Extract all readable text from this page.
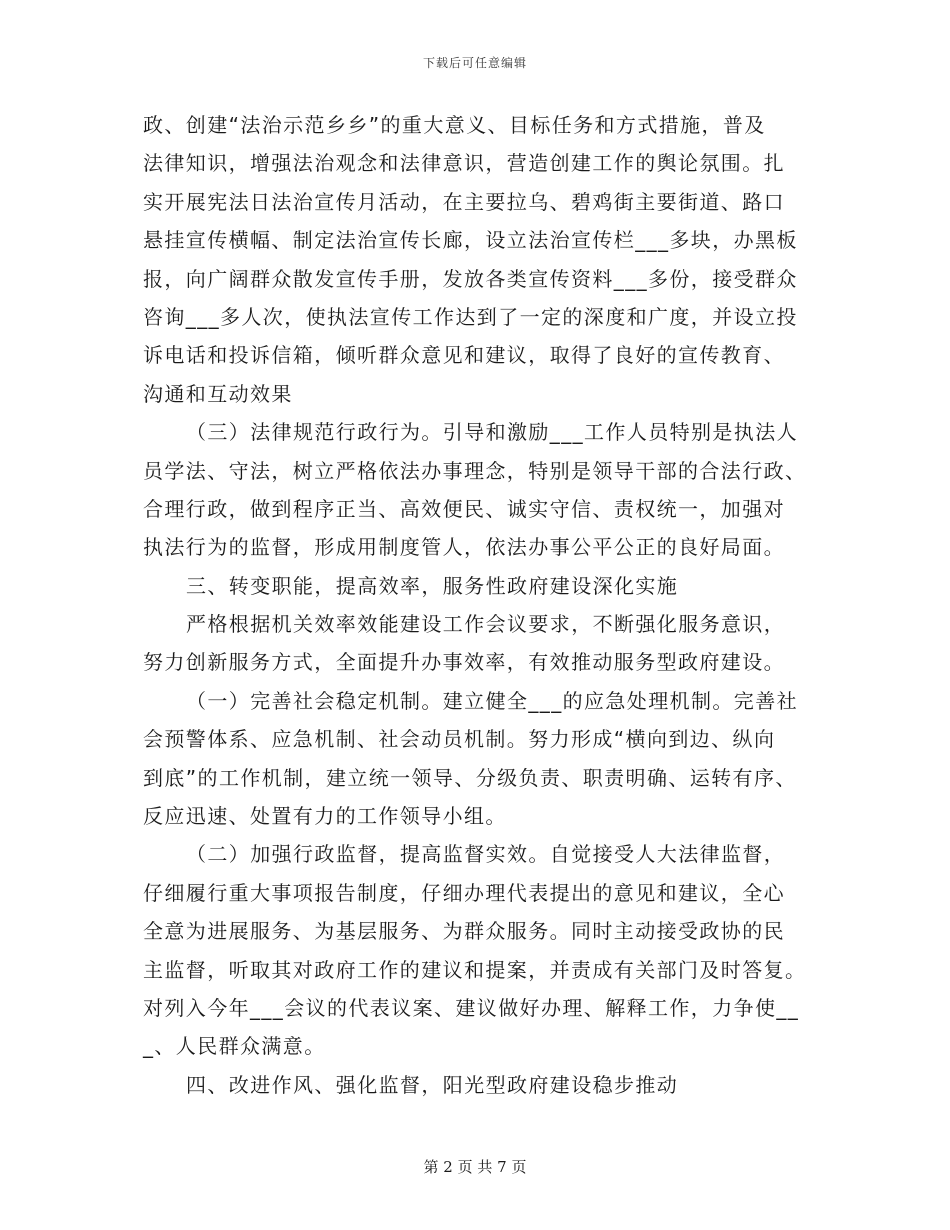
下载后可任意编辑
政、创建“法治示范乡乡”的重大意义、目标任务和方式措施，普及
法律知识，增强法治观念和法律意识，营造创建工作的舆论氛围。扎
实开展宪法日法治宣传月活动，在主要拉乌、碧鸡街主要街道、路口
悬挂宣传横幅、制定法治宣传长廊，设立法治宣传栏___多块，办黑板
报，向广阔群众散发宣传手册，发放各类宣传资料___多份，接受群众
咨询___多人次，使执法宣传工作达到了一定的深度和广度，并设立投
诉电话和投诉信箱，倾听群众意见和建议，取得了良好的宣传教育、
沟通和互动效果
（三）法律规范行政行为。引导和激励___工作人员特别是执法人
员学法、守法，树立严格依法办事理念，特别是领导干部的合法行政、
合理行政，做到程序正当、高效便民、诚实守信、责权统一，加强对
执法行为的监督，形成用制度管人，依法办事公平公正的良好局面。
三、转变职能，提高效率，服务性政府建设深化实施
严格根据机关效率效能建设工作会议要求，不断强化服务意识，
努力创新服务方式，全面提升办事效率，有效推动服务型政府建设。
（一）完善社会稳定机制。建立健全___的应急处理机制。完善社
会预警体系、应急机制、社会动员机制。努力形成“横向到边、纵向
到底”的工作机制，建立统一领导、分级负责、职责明确、运转有序、
反应迅速、处置有力的工作领导小组。
（二）加强行政监督，提高监督实效。自觉接受人大法律监督，
仔细履行重大事项报告制度，仔细办理代表提出的意见和建议，全心
全意为进展服务、为基层服务、为群众服务。同时主动接受政协的民
主监督，听取其对政府工作的建议和提案，并责成有关部门及时答复。
对列入今年___会议的代表议案、建议做好办理、解释工作，力争使__
_、人民群众满意。
四、改进作风、强化监督，阳光型政府建设稳步推动
第 2 页 共 7 页
